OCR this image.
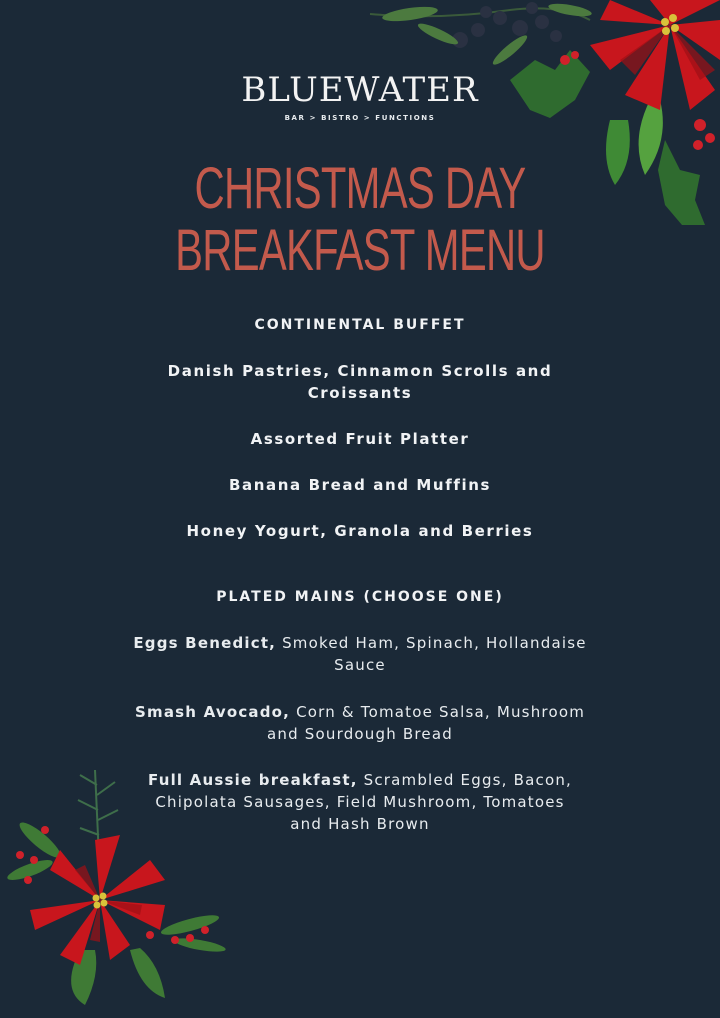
BLUEWATER
BAR > BISTRO > FUNCTIONS
CHRISTMAS DAY
BREAKFAST MENU
CONTINENTAL BUFFET
Danish Pastries, Cinnamon Scrolls and Croissants
Assorted Fruit Platter
Banana Bread and Muffins
Honey Yogurt, Granola and Berries
PLATED MAINS (CHOOSE ONE)
Eggs Benedict, Smoked Ham, Spinach, Hollandaise Sauce
Smash Avocado, Corn & Tomatoe Salsa, Mushroom and Sourdough Bread
Full Aussie breakfast, Scrambled Eggs, Bacon, Chipolata Sausages, Field Mushroom, Tomatoes and Hash Brown
